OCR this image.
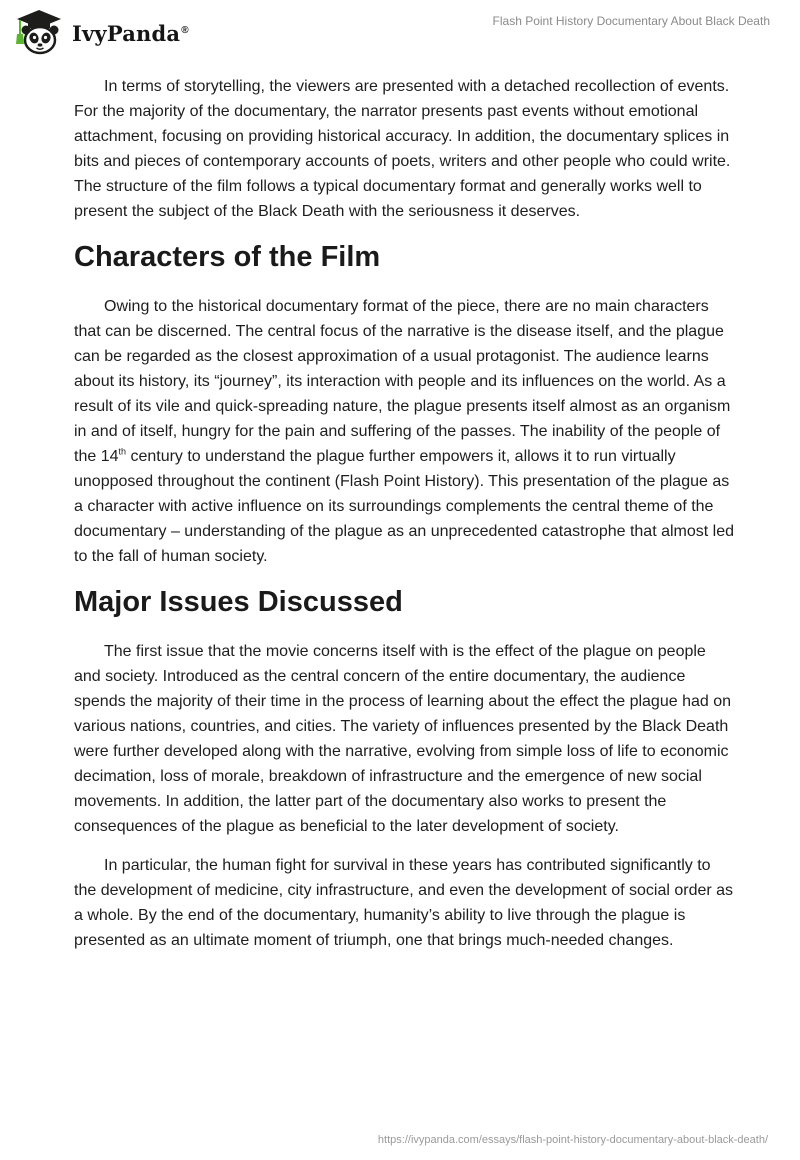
IvyPanda®
Flash Point History Documentary About Black Death

In terms of storytelling, the viewers are presented with a detached recollection of events. For the majority of the documentary, the narrator presents past events without emotional attachment, focusing on providing historical accuracy. In addition, the documentary splices in bits and pieces of contemporary accounts of poets, writers and other people who could write. The structure of the film follows a typical documentary format and generally works well to present the subject of the Black Death with the seriousness it deserves.

Characters of the Film

Owing to the historical documentary format of the piece, there are no main characters that can be discerned. The central focus of the narrative is the disease itself, and the plague can be regarded as the closest approximation of a usual protagonist. The audience learns about its history, its “journey”, its interaction with people and its influences on the world. As a result of its vile and quick-spreading nature, the plague presents itself almost as an organism in and of itself, hungry for the pain and suffering of the passes. The inability of the people of the 14th century to understand the plague further empowers it, allows it to run virtually unopposed throughout the continent (Flash Point History). This presentation of the plague as a character with active influence on its surroundings complements the central theme of the documentary – understanding of the plague as an unprecedented catastrophe that almost led to the fall of human society.

Major Issues Discussed

The first issue that the movie concerns itself with is the effect of the plague on people and society. Introduced as the central concern of the entire documentary, the audience spends the majority of their time in the process of learning about the effect the plague had on various nations, countries, and cities. The variety of influences presented by the Black Death were further developed along with the narrative, evolving from simple loss of life to economic decimation, loss of morale, breakdown of infrastructure and the emergence of new social movements. In addition, the latter part of the documentary also works to present the consequences of the plague as beneficial to the later development of society.

In particular, the human fight for survival in these years has contributed significantly to the development of medicine, city infrastructure, and even the development of social order as a whole. By the end of the documentary, humanity’s ability to live through the plague is presented as an ultimate moment of triumph, one that brings much-needed changes.

https://ivypanda.com/essays/flash-point-history-documentary-about-black-death/
